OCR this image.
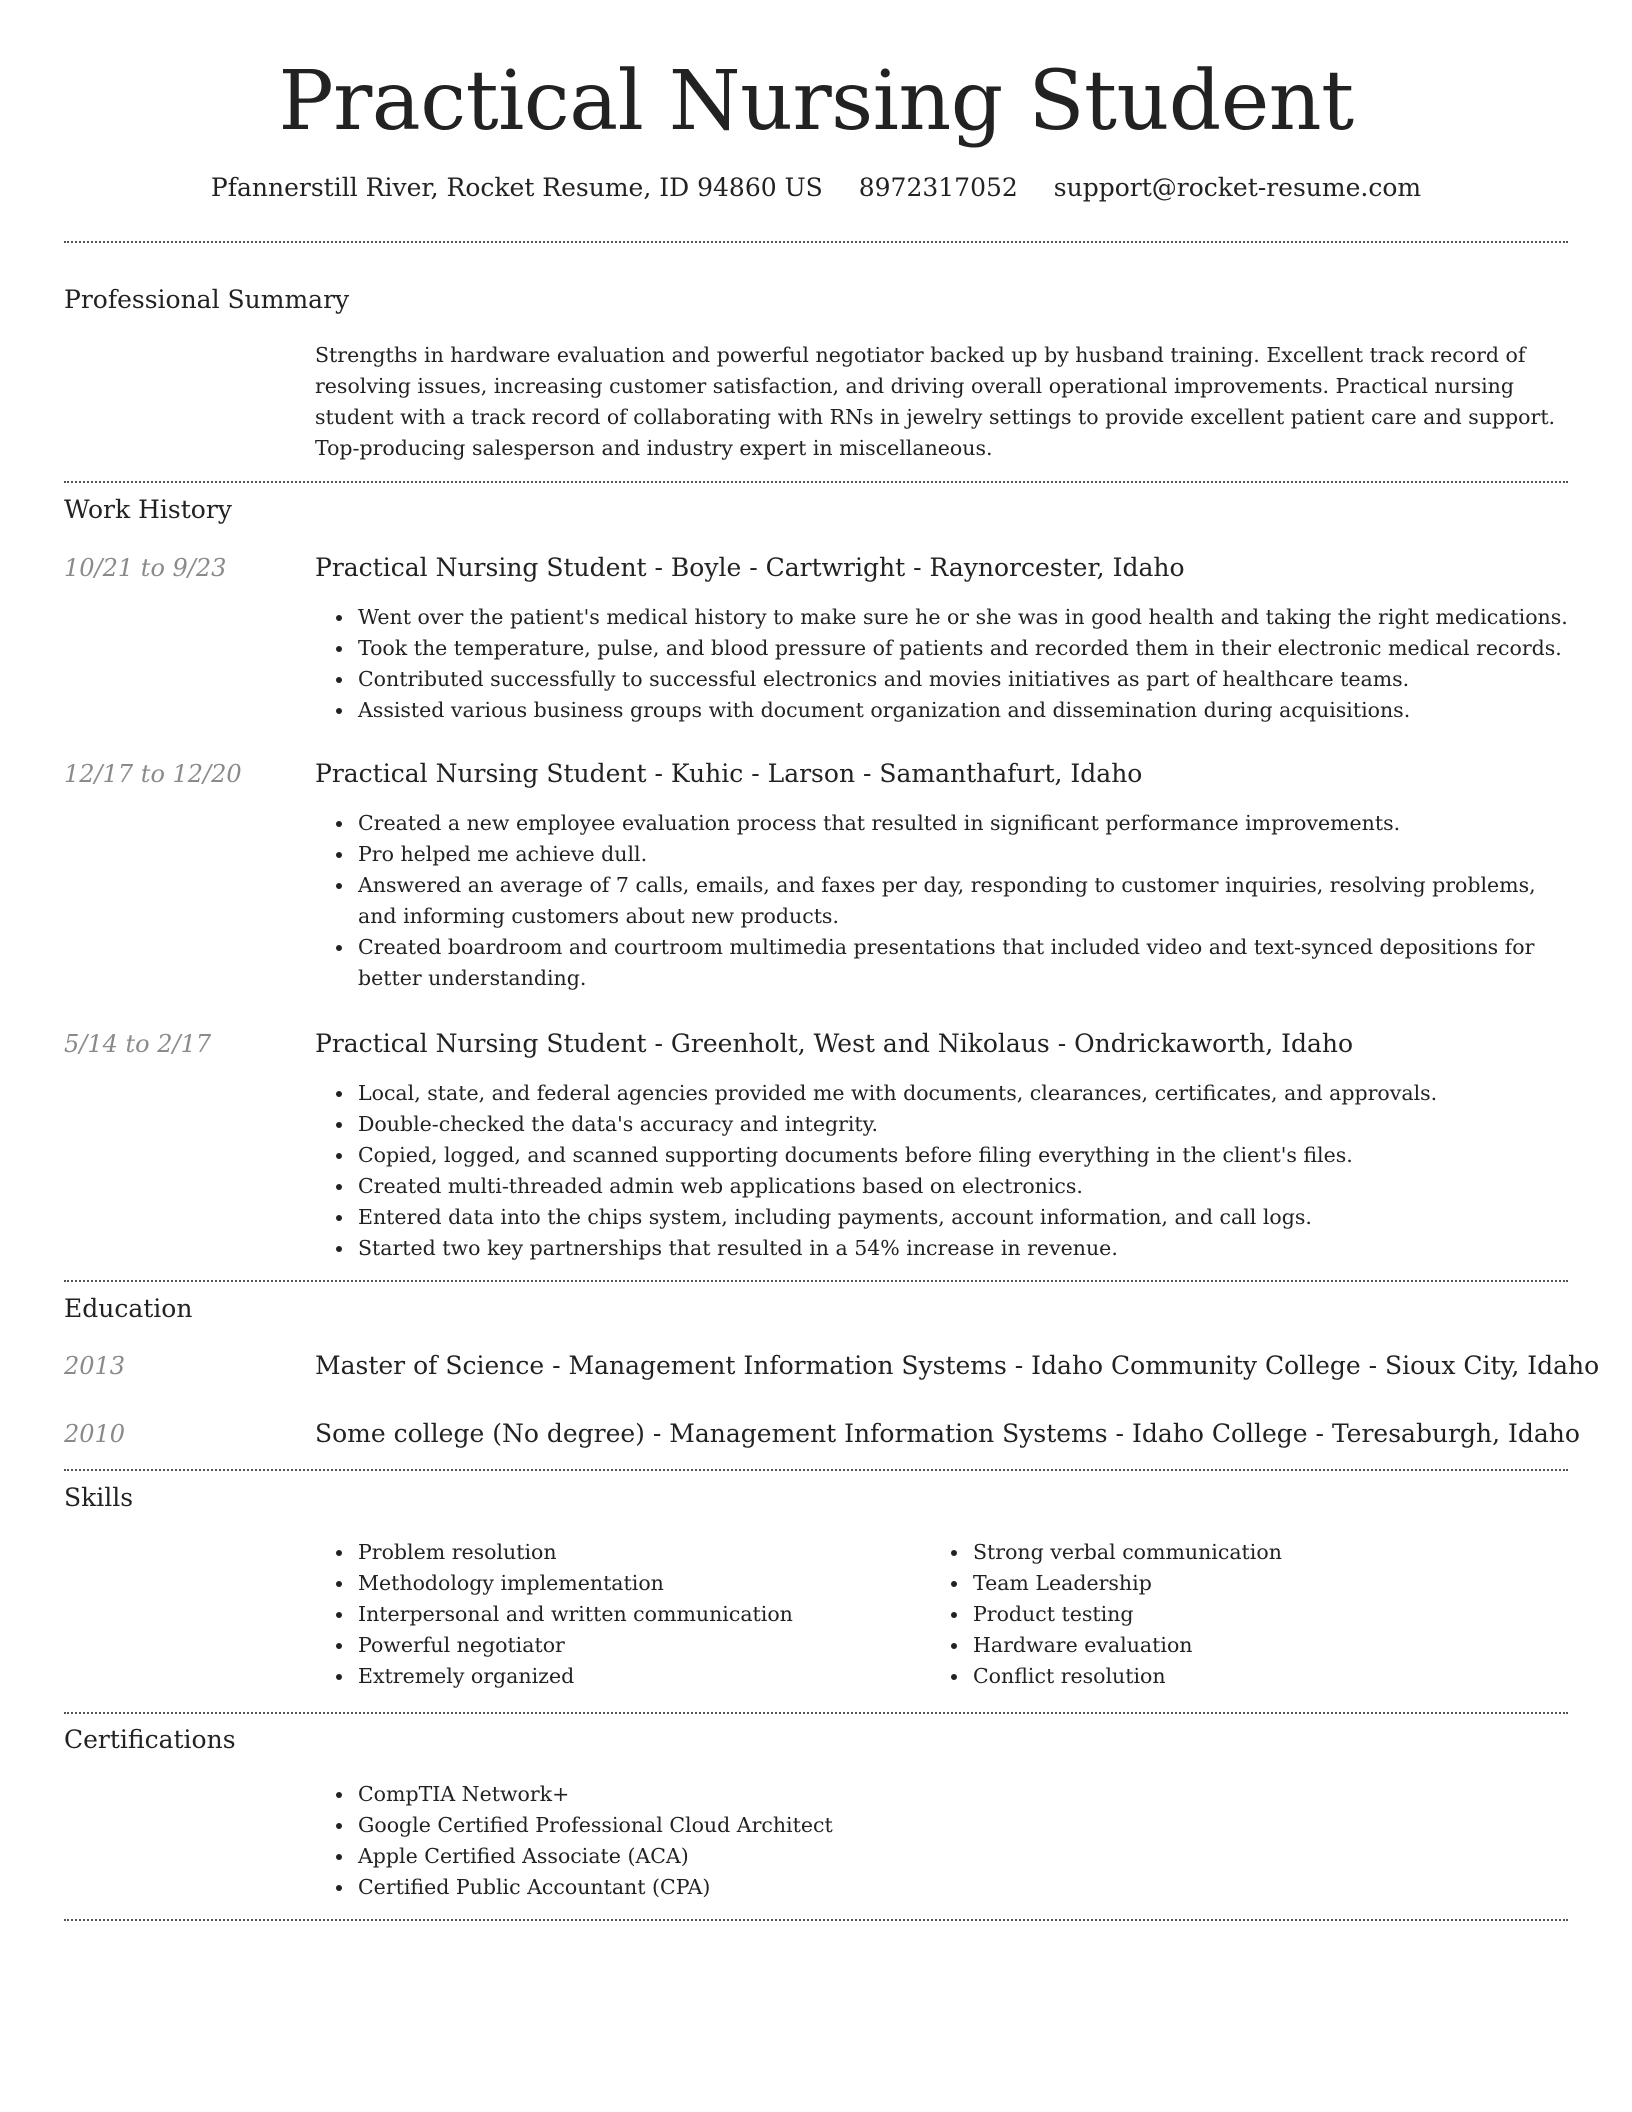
Practical Nursing Student
Pfannerstill River, Rocket Resume, ID 94860 US 8972317052 support@rocket-resume.com
Professional Summary
Strengths in hardware evaluation and powerful negotiator backed up by husband training. Excellent track record of resolving issues, increasing customer satisfaction, and driving overall operational improvements. Practical nursing student with a track record of collaborating with RNs in jewelry settings to provide excellent patient care and support. Top-producing salesperson and industry expert in miscellaneous.
Work History
10/21 to 9/23	Practical Nursing Student - Boyle - Cartwright - Raynorcester, Idaho
Went over the patient's medical history to make sure he or she was in good health and taking the right medications.
Took the temperature, pulse, and blood pressure of patients and recorded them in their electronic medical records.
Contributed successfully to successful electronics and movies initiatives as part of healthcare teams.
Assisted various business groups with document organization and dissemination during acquisitions.
12/17 to 12/20	Practical Nursing Student - Kuhic - Larson - Samanthafurt, Idaho
Created a new employee evaluation process that resulted in significant performance improvements.
Pro helped me achieve dull.
Answered an average of 7 calls, emails, and faxes per day, responding to customer inquiries, resolving problems, and informing customers about new products.
Created boardroom and courtroom multimedia presentations that included video and text-synced depositions for better understanding.
5/14 to 2/17	Practical Nursing Student - Greenholt, West and Nikolaus - Ondrickaworth, Idaho
Local, state, and federal agencies provided me with documents, clearances, certificates, and approvals.
Double-checked the data's accuracy and integrity.
Copied, logged, and scanned supporting documents before filing everything in the client's files.
Created multi-threaded admin web applications based on electronics.
Entered data into the chips system, including payments, account information, and call logs.
Started two key partnerships that resulted in a 54% increase in revenue.
Education
2013	Master of Science - Management Information Systems - Idaho Community College - Sioux City, Idaho
2010	Some college (No degree) - Management Information Systems - Idaho College - Teresaburgh, Idaho
Skills
Problem resolution
Methodology implementation
Interpersonal and written communication
Powerful negotiator
Extremely organized
Strong verbal communication
Team Leadership
Product testing
Hardware evaluation
Conflict resolution
Certifications
CompTIA Network+
Google Certified Professional Cloud Architect
Apple Certified Associate (ACA)
Certified Public Accountant (CPA)
